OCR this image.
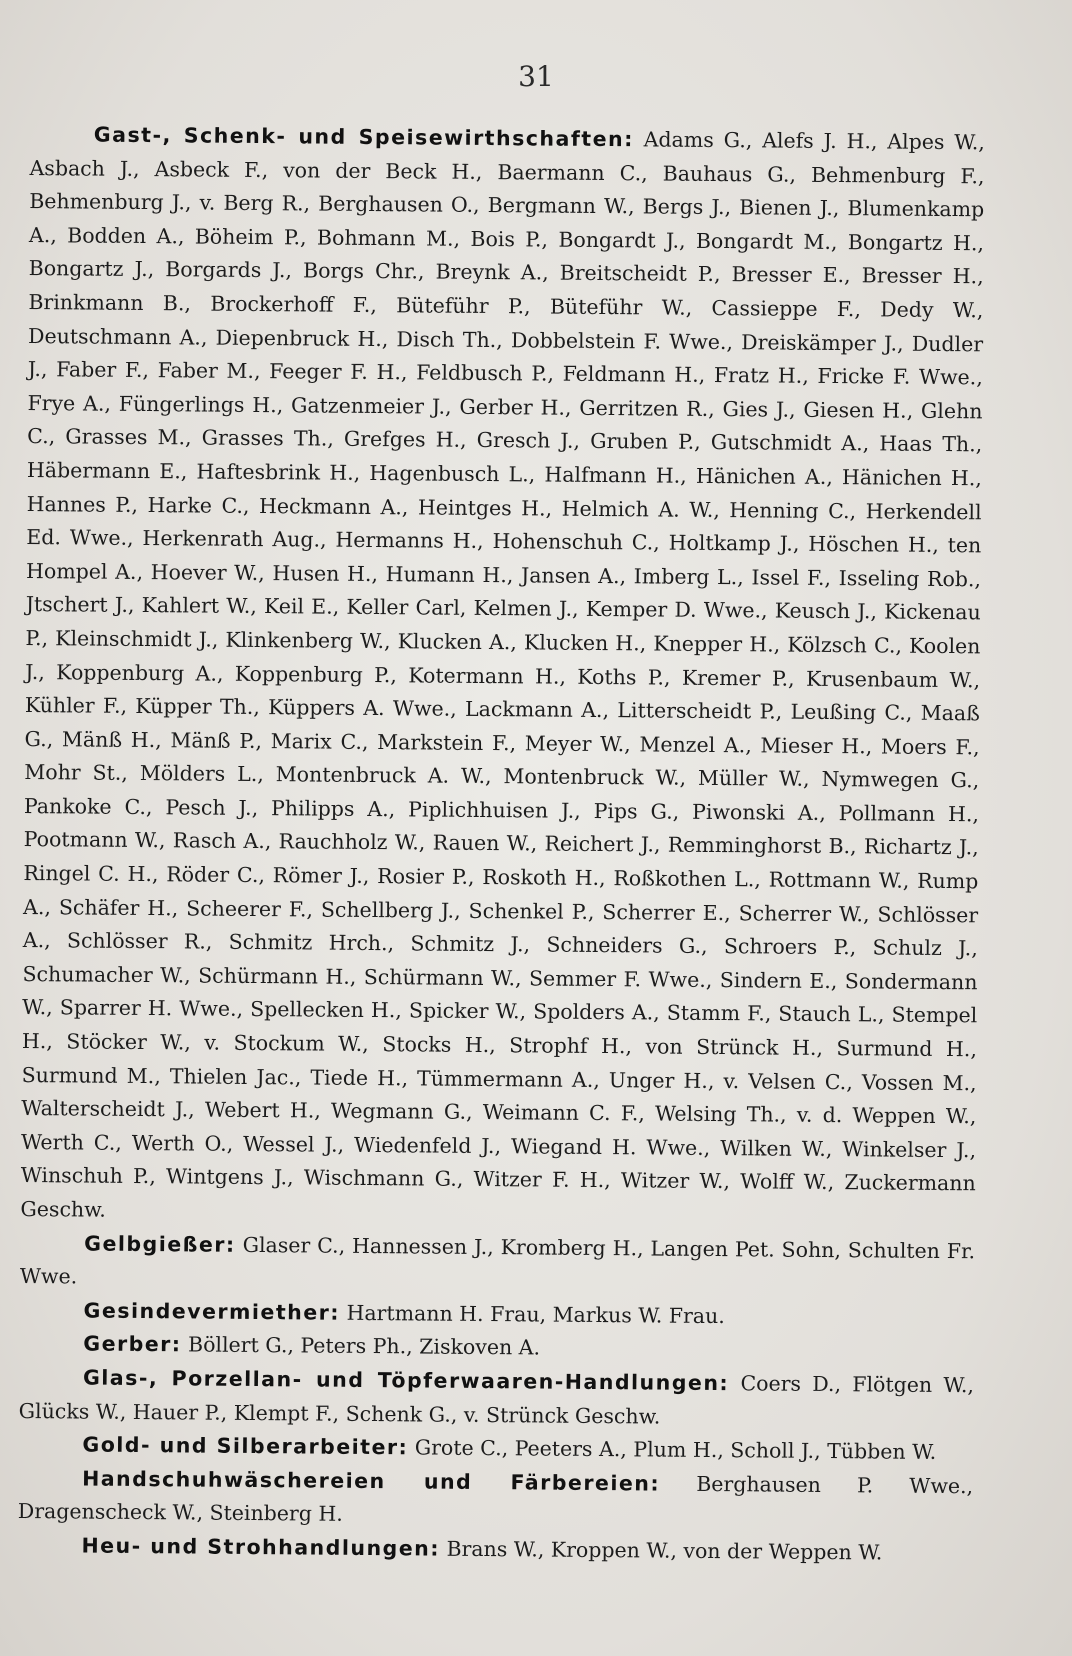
31

Gast-, Schenk- und Speisewirthschaften: Adams G., Alefs J. H., Alpes W., Asbach J., Asbeck F., von der Beck H., Baermann C., Bauhaus G., Behmenburg F., Behmenburg J., v. Berg R., Berghausen O., Bergmann W., Bergs J., Bienen J., Blumenkamp A., Bodden A., Böheim P., Bohmann M., Bois P., Bongardt J., Bongardt M., Bongartz H., Bongartz J., Borgards J., Borgs Chr., Breynk A., Breitscheidt P., Bresser E., Bresser H., Brinkmann B., Brockerhoff F., Büteführ P., Büteführ W., Cassieppe F., Dedy W., Deutschmann A., Diepenbruck H., Disch Th., Dobbelstein F. Wwe., Dreiskämper J., Dudler J., Faber F., Faber M., Feeger F. H., Feldbusch P., Feldmann H., Fratz H., Fricke F. Wwe., Frye A., Füngerlings H., Gatzenmeier J., Gerber H., Gerritzen R., Gies J., Giesen H., Glehn C., Grasses M., Grasses Th., Grefges H., Gresch J., Gruben P., Gutschmidt A., Haas Th., Häbermann E., Haftesbrink H., Hagenbusch L., Halfmann H., Hänichen A., Hänichen H., Hannes P., Harke C., Heckmann A., Heintges H., Helmich A. W., Henning C., Herkendell Ed. Wwe., Herkenrath Aug., Hermanns H., Hohenschuh C., Holtkamp J., Höschen H., ten Hompel A., Hoever W., Husen H., Humann H., Jansen A., Imberg L., Issel F., Isseling Rob., Jtschert J., Kahlert W., Keil E., Keller Carl, Kelmen J., Kemper D. Wwe., Keusch J., Kickenau P., Kleinschmidt J., Klinkenberg W., Klucken A., Klucken H., Knepper H., Kölzsch C., Koolen J., Koppenburg A., Koppenburg P., Kotermann H., Koths P., Kremer P., Krusenbaum W., Kühler F., Küpper Th., Küppers A. Wwe., Lackmann A., Litterscheidt P., Leußing C., Maaß G., Mänß H., Mänß P., Marix C., Markstein F., Meyer W., Menzel A., Mieser H., Moers F., Mohr St., Mölders L., Montenbruck A. W., Montenbruck W., Müller W., Nymwegen G., Pankoke C., Pesch J., Philipps A., Piplichhuisen J., Pips G., Piwonski A., Pollmann H., Pootmann W., Rasch A., Rauchholz W., Rauen W., Reichert J., Remminghorst B., Richartz J., Ringel C. H., Röder C., Römer J., Rosier P., Roskoth H., Roßkothen L., Rottmann W., Rump A., Schäfer H., Scheerer F., Schellberg J., Schenkel P., Scherrer E., Scherrer W., Schlösser A., Schlösser R., Schmitz Hrch., Schmitz J., Schneiders G., Schroers P., Schulz J., Schumacher W., Schürmann H., Schürmann W., Semmer F. Wwe., Sindern E., Sondermann W., Sparrer H. Wwe., Spellecken H., Spicker W., Spolders A., Stamm F., Stauch L., Stempel H., Stöcker W., v. Stockum W., Stocks H., Strophf H., von Strünck H., Surmund H., Surmund M., Thielen Jac., Tiede H., Tümmermann A., Unger H., v. Velsen C., Vossen M., Walterscheidt J., Webert H., Wegmann G., Weimann C. F., Welsing Th., v. d. Weppen W., Werth C., Werth O., Wessel J., Wiedenfeld J., Wiegand H. Wwe., Wilken W., Winkelser J., Winschuh P., Wintgens J., Wischmann G., Witzer F. H., Witzer W., Wolff W., Zuckermann Geschw.

Gelbgießer: Glaser C., Hannessen J., Kromberg H., Langen Pet. Sohn, Schulten Fr. Wwe.

Gesindevermiether: Hartmann H. Frau, Markus W. Frau.

Gerber: Böllert G., Peters Ph., Ziskoven A.

Glas-, Porzellan- und Töpferwaaren-Handlungen: Coers D., Flötgen W., Glücks W., Hauer P., Klempt F., Schenk G., v. Strünck Geschw.

Gold- und Silberarbeiter: Grote C., Peeters A., Plum H., Scholl J., Tübben W.

Handschuhwäschereien und Färbereien: Berghausen P. Wwe., Dragenscheck W., Steinberg H.

Heu- und Strohhandlungen: Brans W., Kroppen W., von der Weppen W.
